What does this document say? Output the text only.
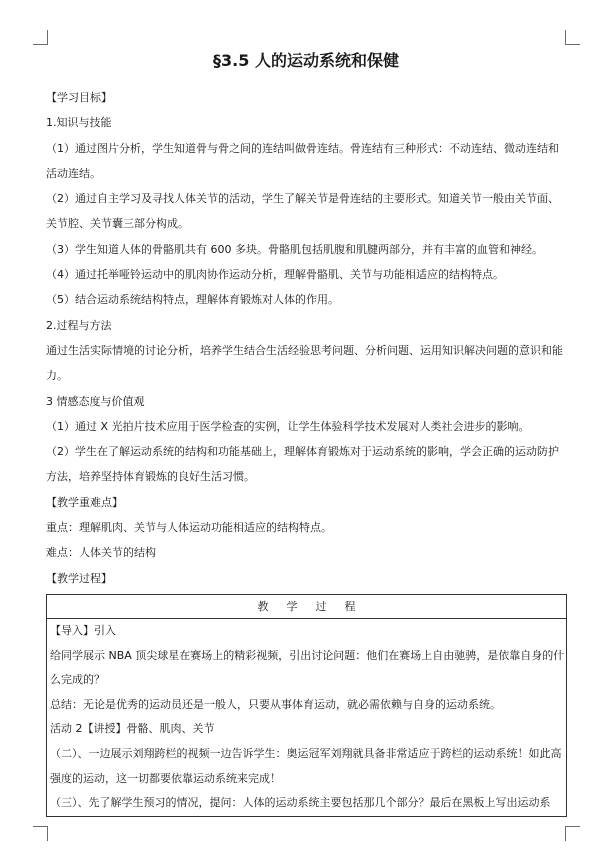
§3.5 人的运动系统和保健

【学习目标】

1.知识与技能

（1）通过图片分析，学生知道骨与骨之间的连结叫做骨连结。骨连结有三种形式：不动连结、微动连结和活动连结。

（2）通过自主学习及寻找人体关节的活动，学生了解关节是骨连结的主要形式。知道关节一般由关节面、关节腔、关节囊三部分构成。

（3）学生知道人体的骨骼肌共有 600 多块。骨骼肌包括肌腹和肌腱两部分，并有丰富的血管和神经。

（4）通过托举哑铃运动中的肌肉协作运动分析，理解骨骼肌、关节与功能相适应的结构特点。

（5）结合运动系统结构特点，理解体育锻炼对人体的作用。

2.过程与方法

通过生活实际情境的讨论分析，培养学生结合生活经验思考问题、分析问题、运用知识解决问题的意识和能力。

3 情感态度与价值观

（1）通过 X 光拍片技术应用于医学检查的实例，让学生体验科学技术发展对人类社会进步的影响。

（2）学生在了解运动系统的结构和功能基础上，理解体育锻炼对于运动系统的影响，学会正确的运动防护方法，培养坚持体育锻炼的良好生活习惯。

【教学重难点】

重点：理解肌肉、关节与人体运动功能相适应的结构特点。

难点：人体关节的结构

【教学过程】

教学过程

【导入】引入

给同学展示 NBA 顶尖球星在赛场上的精彩视频，引出讨论问题：他们在赛场上自由驰骋，是依靠自身的什么完成的？

总结：无论是优秀的运动员还是一般人，只要从事体育运动，就必需依赖与自身的运动系统。

活动 2【讲授】骨骼、肌肉、关节

（二）、一边展示刘翔跨栏的视频一边告诉学生：奥运冠军刘翔就具备非常适应于跨栏的运动系统！如此高强度的运动，这一切都要依靠运动系统来完成！

（三）、先了解学生预习的情况，提问：人体的运动系统主要包括那几个部分？最后在黑板上写出运动系
